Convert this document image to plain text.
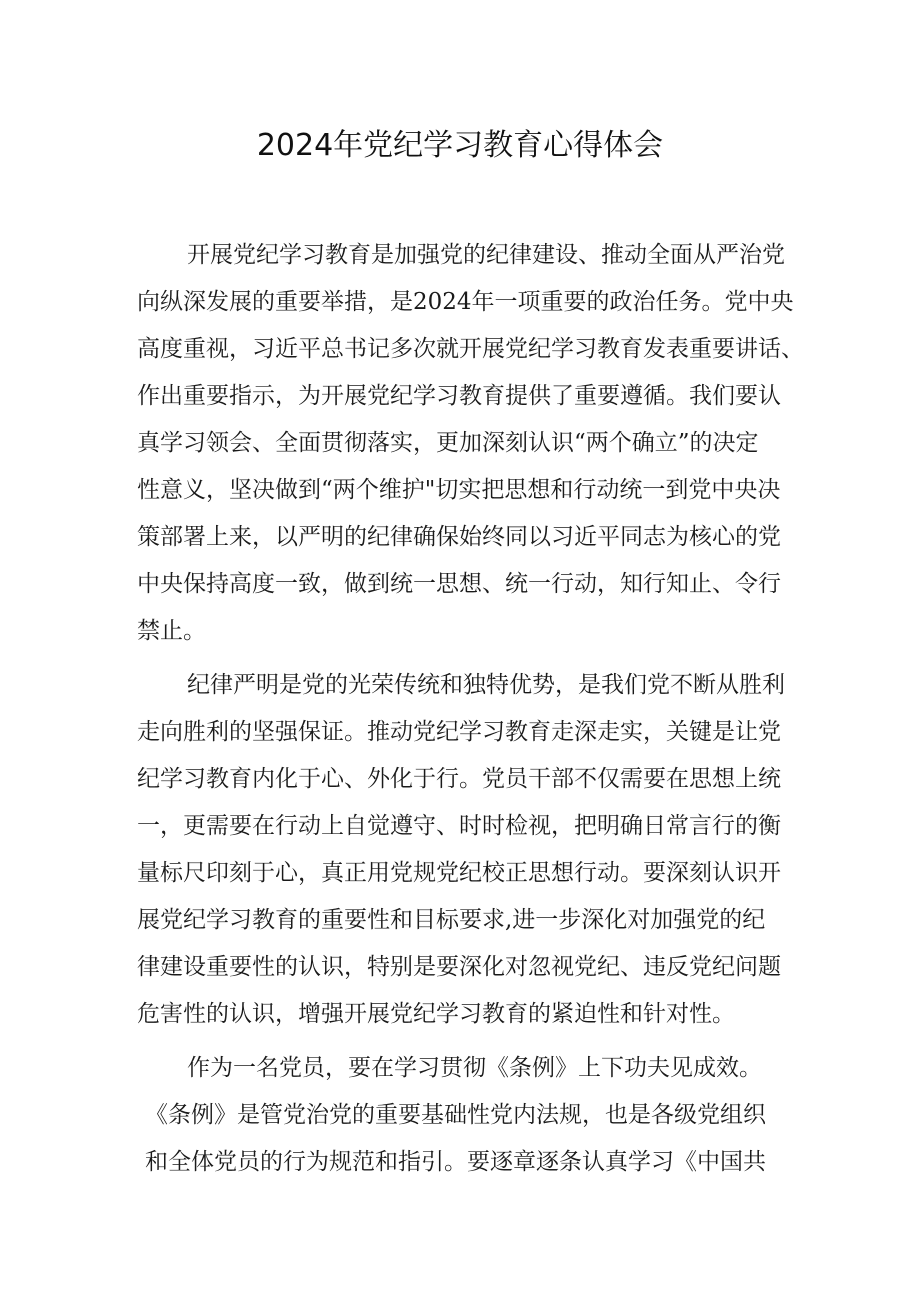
2024年党纪学习教育心得体会
开展党纪学习教育是加强党的纪律建设、推动全面从严治党
向纵深发展的重要举措，是2024年一项重要的政治任务。党中央
高度重视，习近平总书记多次就开展党纪学习教育发表重要讲话、
作出重要指示，为开展党纪学习教育提供了重要遵循。我们要认
真学习领会、全面贯彻落实，更加深刻认识“两个确立”的决定
性意义，坚决做到“两个维护"切实把思想和行动统一到党中央决
策部署上来，以严明的纪律确保始终同以习近平同志为核心的党
中央保持高度一致，做到统一思想、统一行动，知行知止、令行
禁止。
纪律严明是党的光荣传统和独特优势，是我们党不断从胜利
走向胜利的坚强保证。推动党纪学习教育走深走实，关键是让党
纪学习教育内化于心、外化于行。党员干部不仅需要在思想上统
一，更需要在行动上自觉遵守、时时检视，把明确日常言行的衡
量标尺印刻于心，真正用党规党纪校正思想行动。要深刻认识开
展党纪学习教育的重要性和目标要求,进一步深化对加强党的纪
律建设重要性的认识，特别是要深化对忽视党纪、违反党纪问题
危害性的认识，增强开展党纪学习教育的紧迫性和针对性。
作为一名党员，要在学习贯彻《条例》上下功夫见成效。
《条例》是管党治党的重要基础性党内法规，也是各级党组织
和全体党员的行为规范和指引。要逐章逐条认真学习《中国共
